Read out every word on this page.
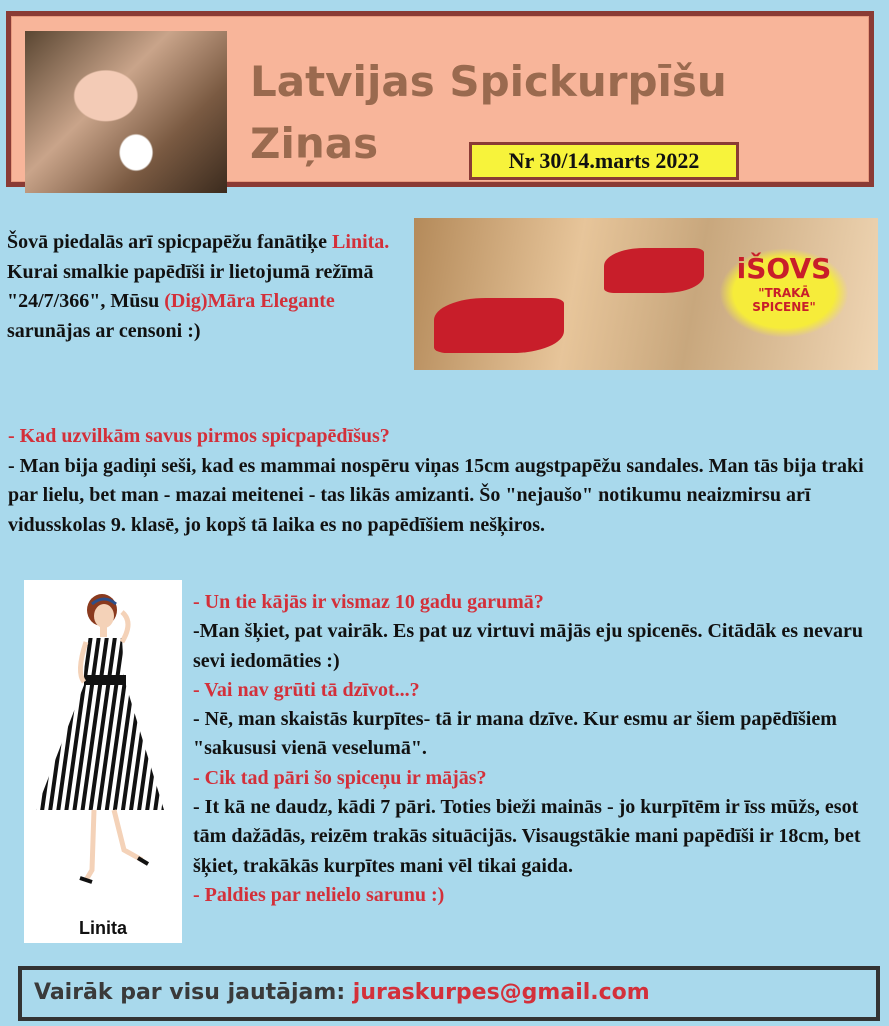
Latvijas Spickurpīšu
Ziņas	Nr 30/14.marts 2022
Šovā piedalās arī spicpapēžu fanātiķe Linita. Kurai smalkie papēdīši ir lietojumā režīmā "24/7/366", Mūsu (Dig)Māra Elegante sarunājas ar censoni :)
iŠOVS
"TRAKĀ
SPICENE"

- Kad uzvilkām savus pirmos spicpapēdīšus?

- Man bija gadiņi seši, kad es mammai nospēru viņas 15cm augstpapēžu sandales. Man tās bija traki par lielu, bet man - mazai meitenei - tas likās amizanti. Šo "nejaušo" notikumu neaizmirsu arī vidusskolas 9. klasē, jo kopš tā laika es no papēdīšiem nešķiros.

Linita

- Un tie kājās ir vismaz 10 gadu garumā?

-Man šķiet, pat vairāk. Es pat uz virtuvi mājās eju spicenēs. Citādāk es nevaru sevi iedomāties :)

- Vai nav grūti tā dzīvot...?

- Nē, man skaistās kurpītes- tā ir mana dzīve. Kur esmu ar šiem papēdīšiem "sakususi vienā veselumā".

- Cik tad pāri šo spiceņu ir mājās?

- It kā ne daudz, kādi 7 pāri. Toties bieži mainās - jo kurpītēm ir īss mūžs, esot tām dažādās, reizēm trakās situācijās. Visaugstākie mani papēdīši ir 18cm, bet šķiet, trakākās kurpītes mani vēl tikai gaida.

- Paldies par nelielo sarunu :)

Vairāk par visu jautājam: juraskurpes@gmail.com
